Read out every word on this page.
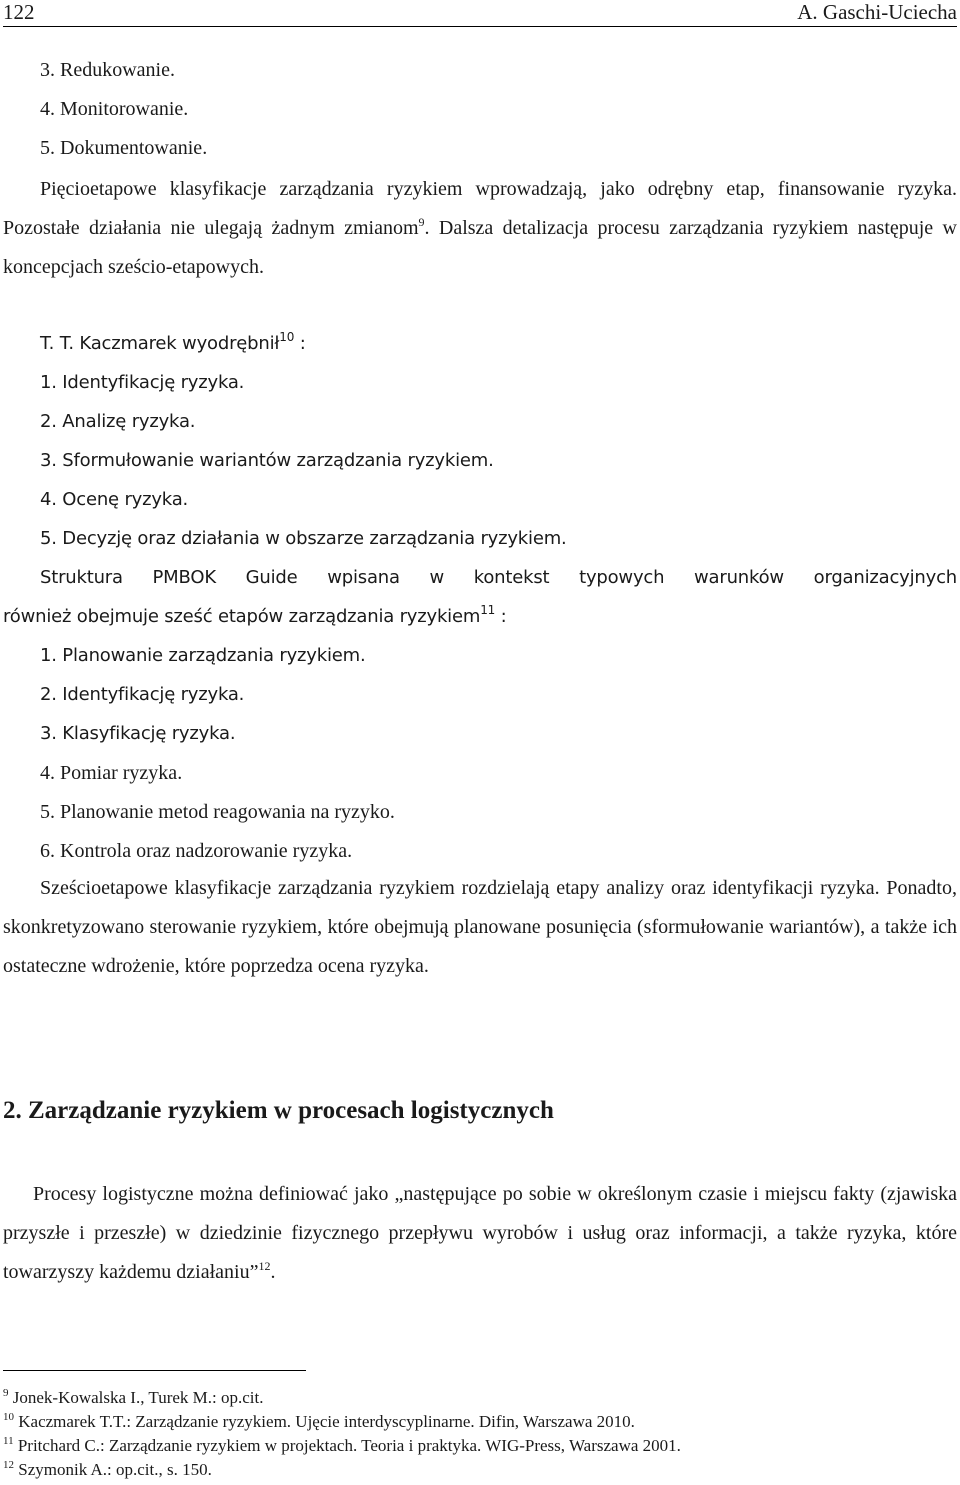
122	A. Gaschi-Uciecha
3. Redukowanie.
4. Monitorowanie.
5. Dokumentowanie.

Pięcioetapowe klasyfikacje zarządzania ryzykiem wprowadzają, jako odrębny etap, finansowanie ryzyka. Pozostałe działania nie ulegają żadnym zmianom$^9$. Dalsza detalizacja procesu zarządzania ryzykiem następuje w koncepcjach sześcio-etapowych.

T. T. Kaczmarek wyodrębnił$^{10}$ :
1. Identyfikację ryzyka.
2. Analizę ryzyka.
3. Sformułowanie wariantów zarządzania ryzykiem.
4. Ocenę ryzyka.
5. Decyzję oraz działania w obszarze zarządzania ryzykiem.
Struktura PMBOK Guide wpisana w kontekst typowych warunków organizacyjnych
również obejmuje sześć etapów zarządzania ryzykiem$^{11}$ :
1. Planowanie zarządzania ryzykiem.
2. Identyfikację ryzyka.
3. Klasyfikację ryzyka.
4. Pomiar ryzyka.
5. Planowanie metod reagowania na ryzyko.
6. Kontrola oraz nadzorowanie ryzyka.

Sześcioetapowe klasyfikacje zarządzania ryzykiem rozdzielają etapy analizy oraz identyfikacji ryzyka. Ponadto, skonkretyzowano sterowanie ryzykiem, które obejmują planowane posunięcia (sformułowanie wariantów), a także ich ostateczne wdrożenie, które poprzedza ocena ryzyka.

2. Zarządzanie ryzykiem w procesach logistycznych

Procesy logistyczne można definiować jako „następujące po sobie w określonym czasie i miejscu fakty (zjawiska przyszłe i przeszłe) w dziedzinie fizycznego przepływu wyrobów i usług oraz informacji, a także ryzyka, które towarzyszy każdemu działaniu”$^{12}$.

$^9$ Jonek-Kowalska I., Turek M.: op.cit.
$^{10}$ Kaczmarek T.T.: Zarządzanie ryzykiem. Ujęcie interdyscyplinarne. Difin, Warszawa 2010.
$^{11}$ Pritchard C.: Zarządzanie ryzykiem w projektach. Teoria i praktyka. WIG-Press, Warszawa 2001.
$^{12}$ Szymonik A.: op.cit., s. 150.
